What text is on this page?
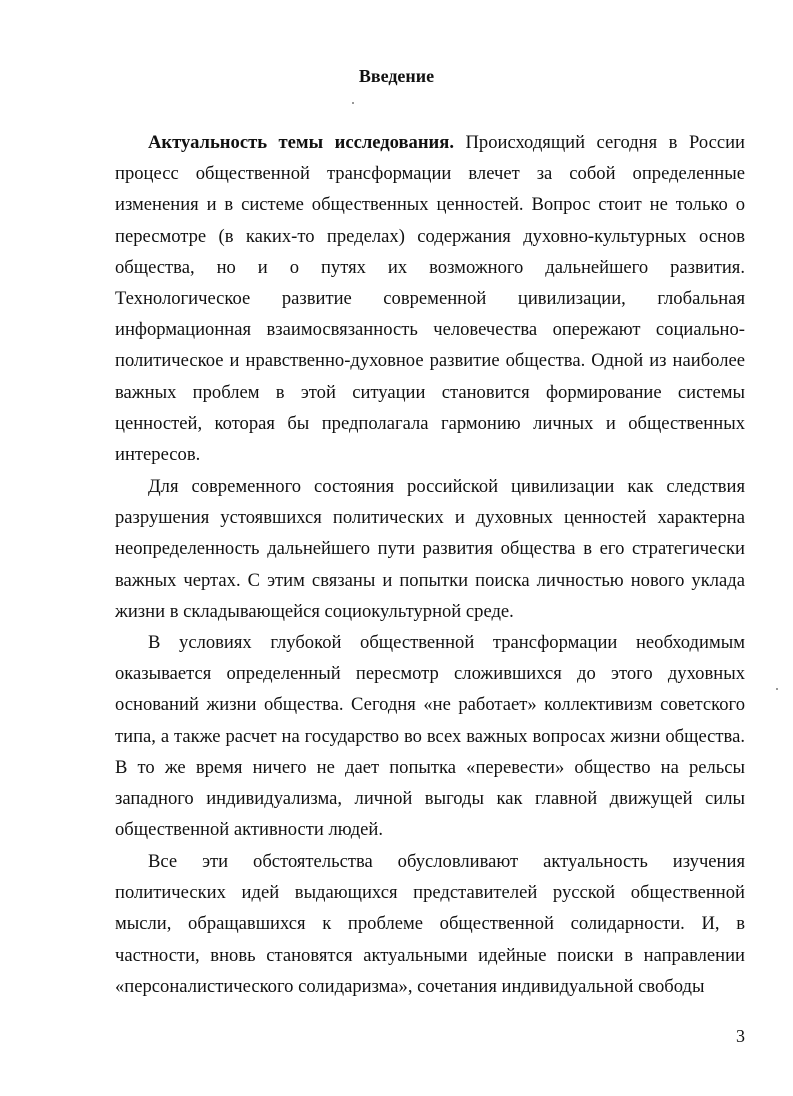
Введение

Актуальность темы исследования. Происходящий сегодня в России процесс общественной трансформации влечет за собой определенные изменения и в системе общественных ценностей. Вопрос стоит не только о пересмотре (в каких-то пределах) содержания духовно-культурных основ общества, но и о путях их возможного дальнейшего развития. Технологическое развитие современной цивилизации, глобальная информационная взаимосвязанность человечества опережают социально-политическое и нравственно-духовное развитие общества. Одной из наиболее важных проблем в этой ситуации становится формирование системы ценностей, которая бы предполагала гармонию личных и общественных интересов.

Для современного состояния российской цивилизации как следствия разрушения устоявшихся политических и духовных ценностей характерна неопределенность дальнейшего пути развития общества в его стратегически важных чертах. С этим связаны и попытки поиска личностью нового уклада жизни в складывающейся социокультурной среде.

В условиях глубокой общественной трансформации необходимым оказывается определенный пересмотр сложившихся до этого духовных оснований жизни общества. Сегодня «не работает» коллективизм советского типа, а также расчет на государство во всех важных вопросах жизни общества. В то же время ничего не дает попытка «перевести» общество на рельсы западного индивидуализма, личной выгоды как главной движущей силы общественной активности людей.

Все эти обстоятельства обусловливают актуальность изучения политических идей выдающихся представителей русской общественной мысли, обращавшихся к проблеме общественной солидарности. И, в частности, вновь становятся актуальными идейные поиски в направлении «персоналистического солидаризма», сочетания индивидуальной свободы

3
